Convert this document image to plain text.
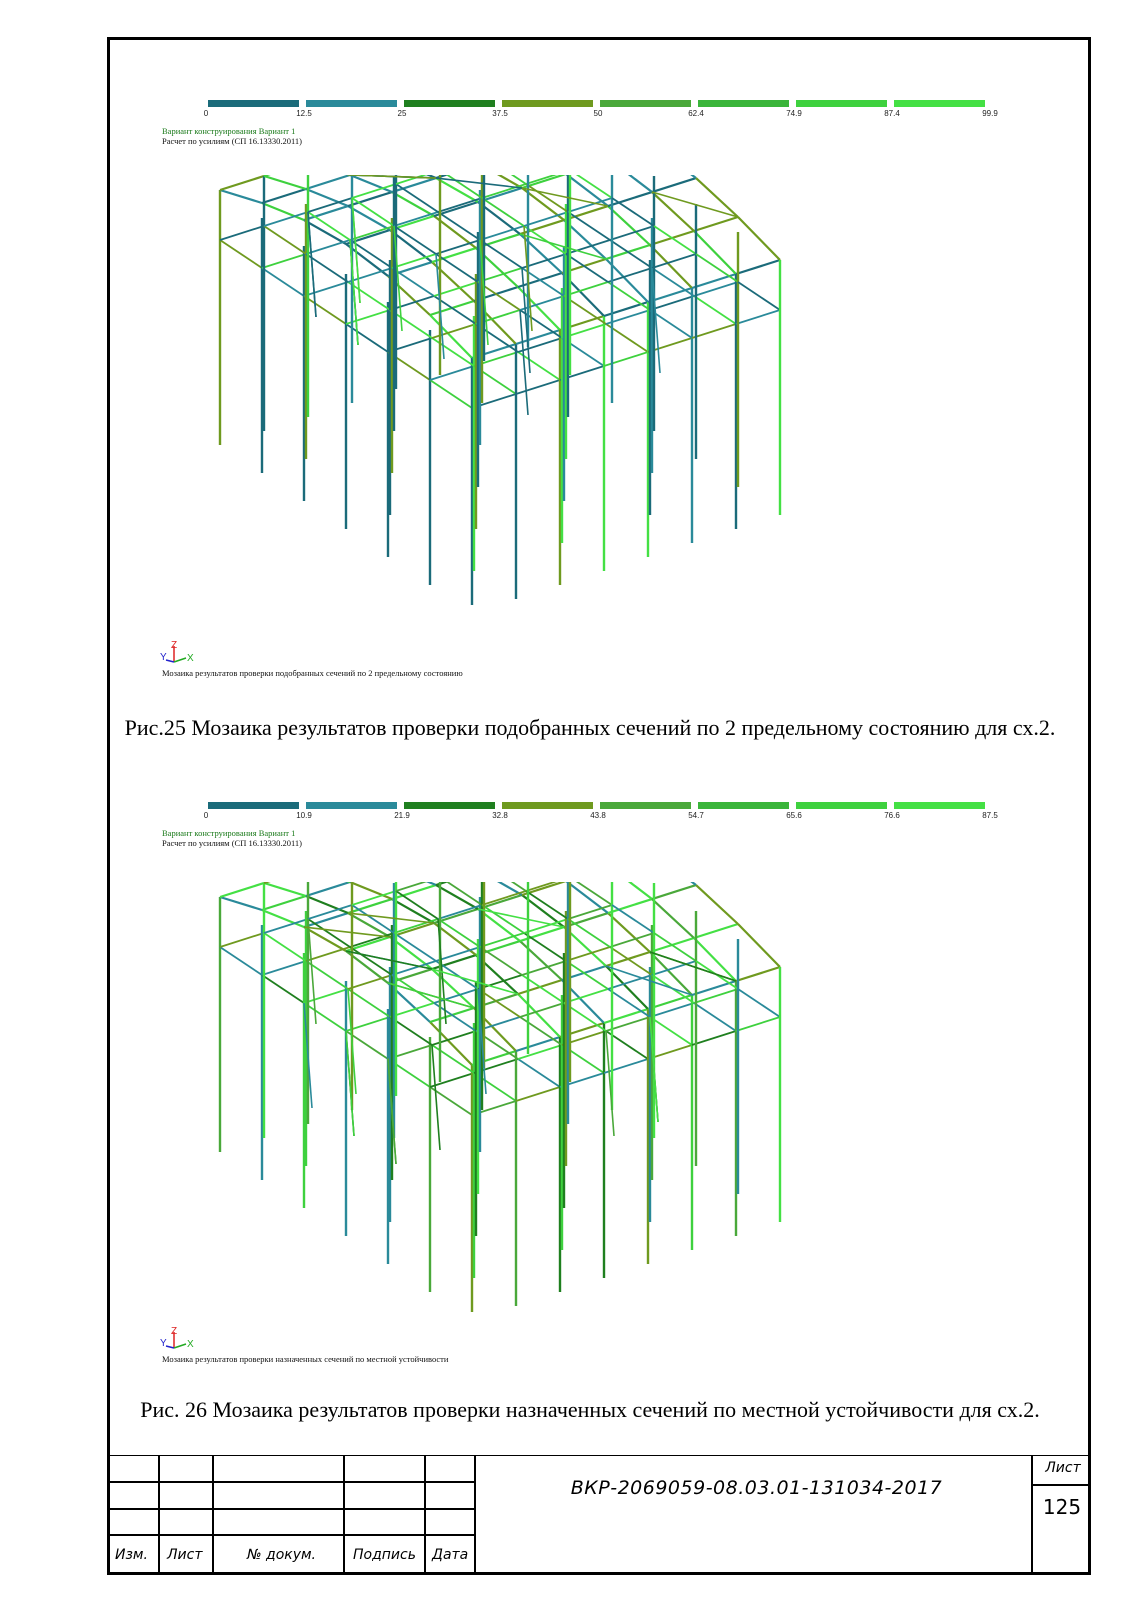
0	12.5	25	37.5	50	62.4	74.9	87.4	99.9
Вариант конструирования Вариант 1
Расчет по усилиям (СП 16.13330.2011)
Z
X
Y
Мозаика результатов проверки подобранных сечений по 2 предельному состоянию
Рис.25 Мозаика результатов проверки подобранных сечений по 2 предельному состоянию для сх.2.
0	10.9	21.9	32.8	43.8	54.7	65.6	76.6	87.5
Вариант конструирования Вариант 1
Расчет по усилиям (СП 16.13330.2011)
Z
X
Y
Мозаика результатов проверки назначенных сечений по местной устойчивости
Рис. 26 Мозаика результатов проверки назначенных сечений по местной устойчивости для сх.2.
Изм. Лист	№ докум.	Подпись Дата
ВКР-2069059-08.03.01-131034-2017
Лист
125
